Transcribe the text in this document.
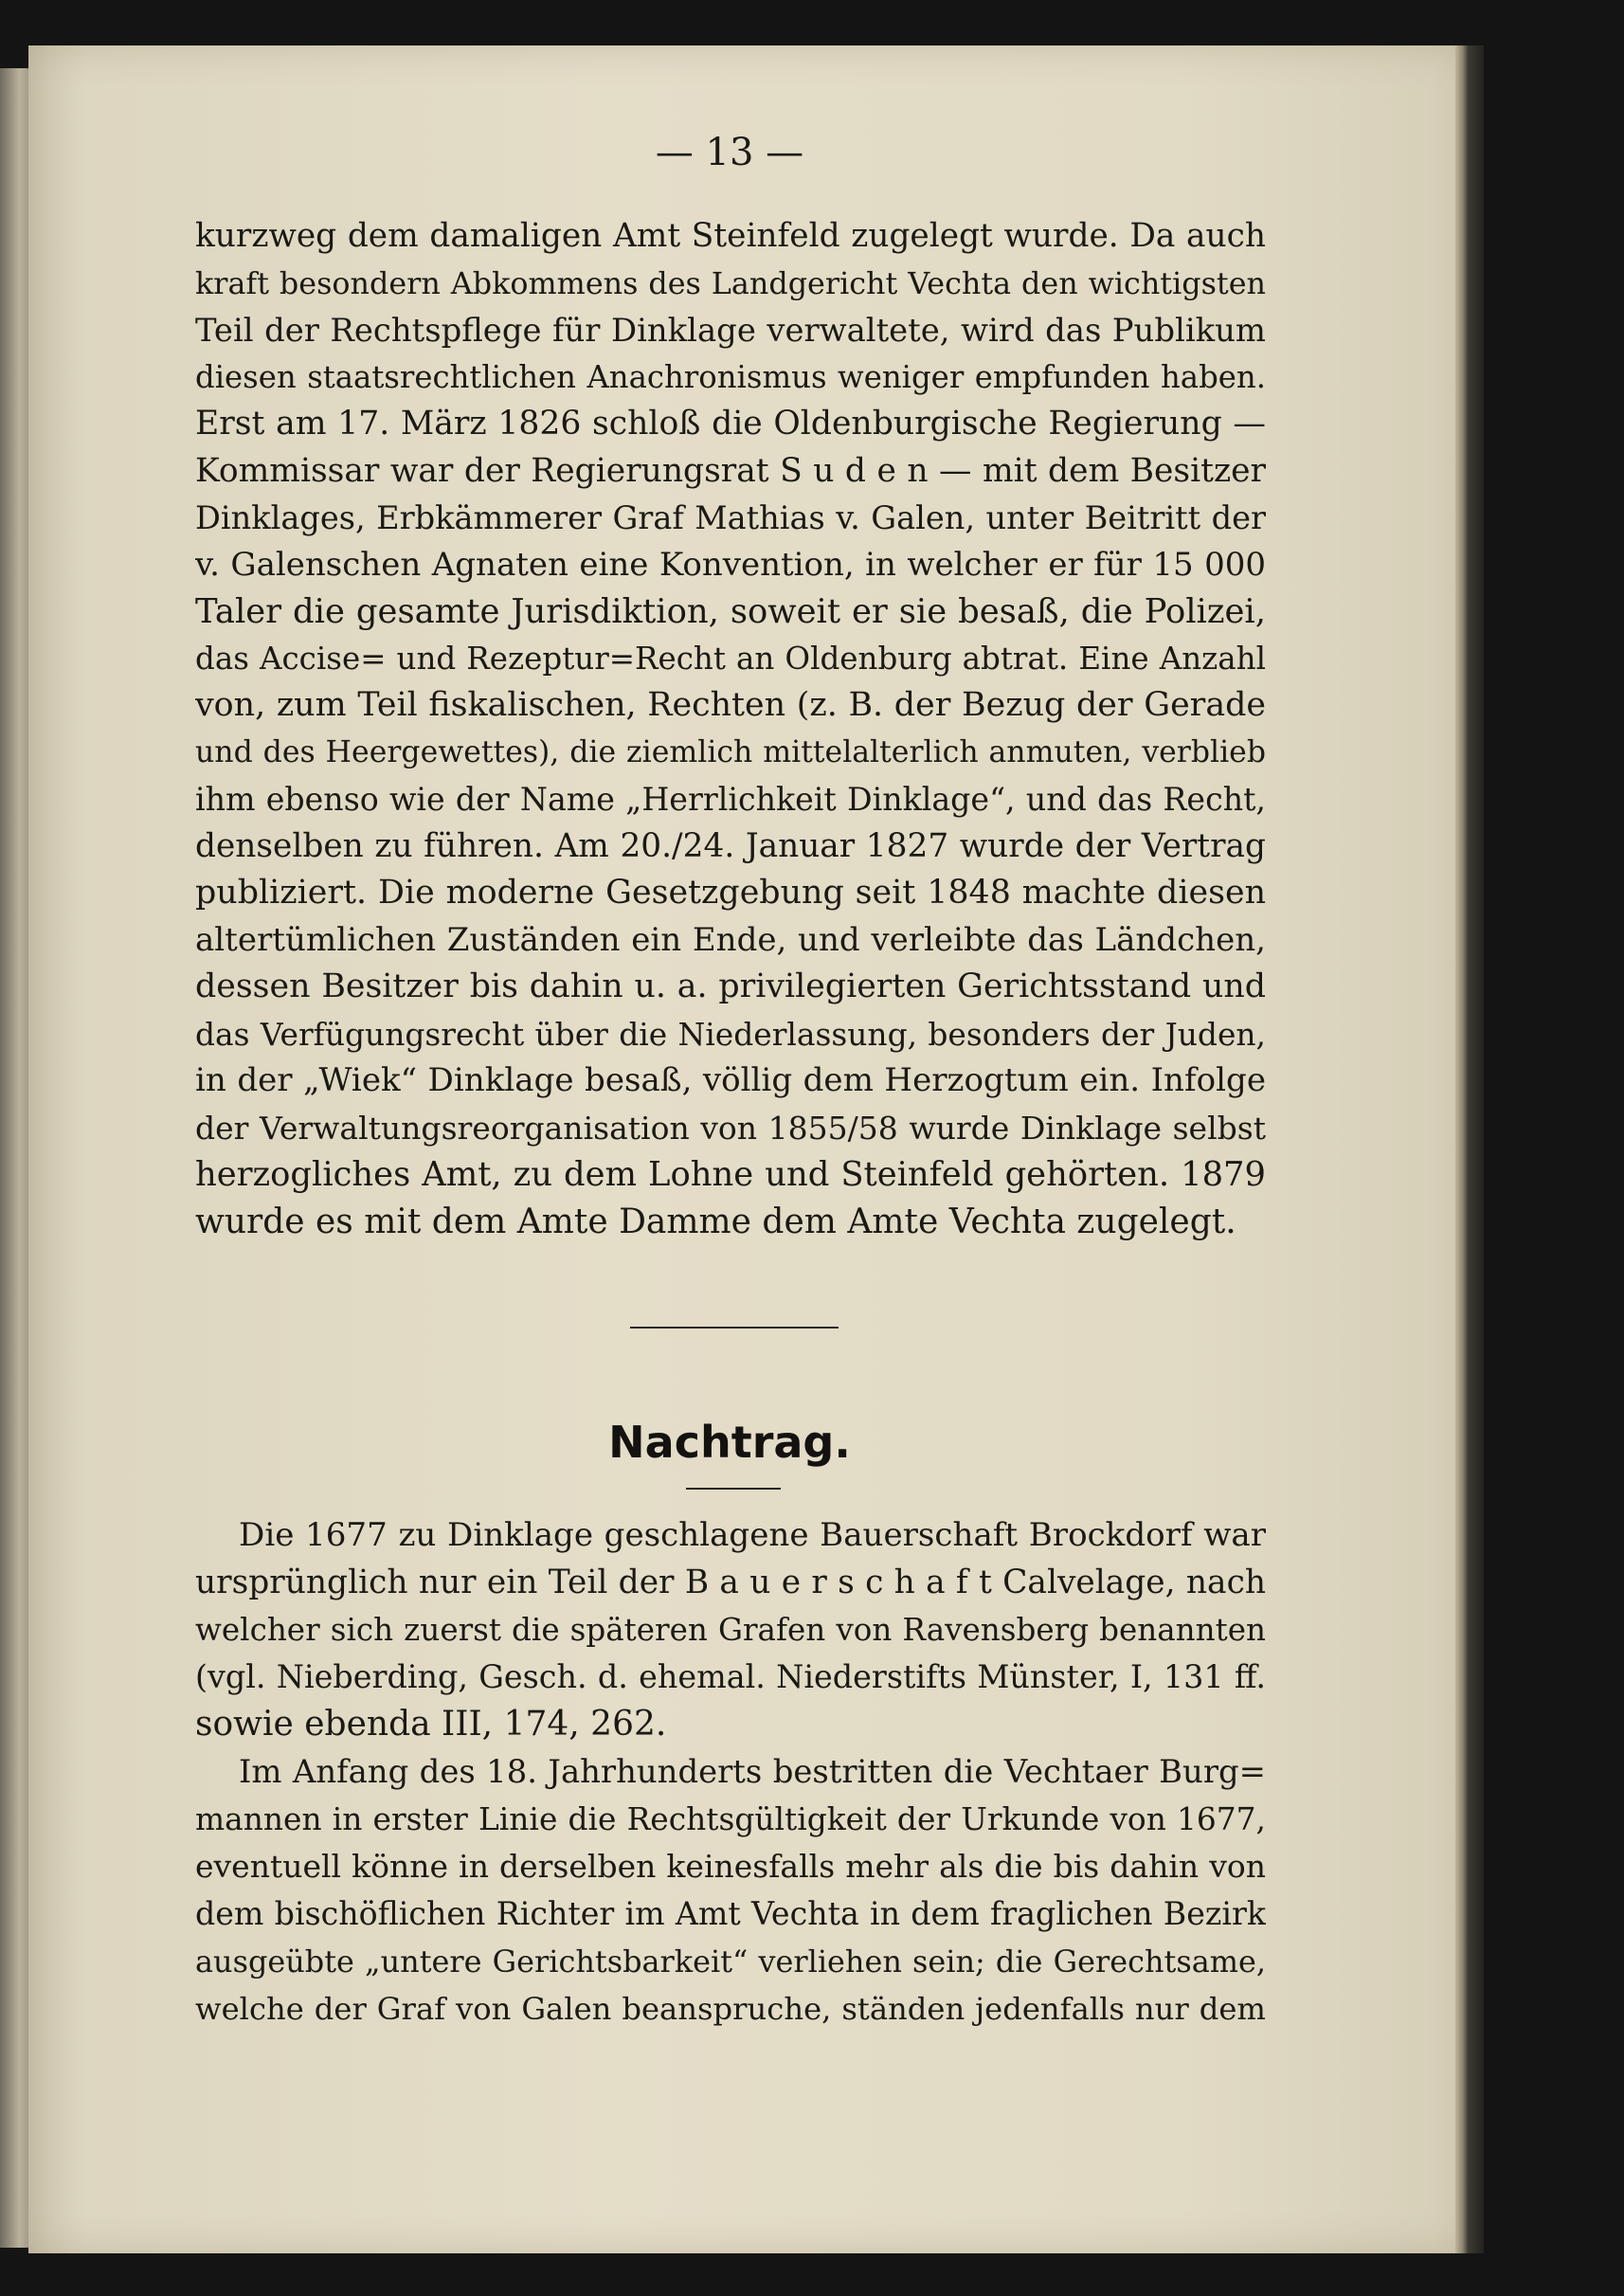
— 13 —
kurzweg dem damaligen Amt Steinfeld zugelegt wurde. Da auch
kraft besondern Abkommens des Landgericht Vechta den wichtigsten
Teil der Rechtspflege für Dinklage verwaltete, wird das Publikum
diesen staatsrechtlichen Anachronismus weniger empfunden haben.
Erst am 17. März 1826 schloß die Oldenburgische Regierung —
Kommissar war der Regierungsrat S u d e n — mit dem Besitzer
Dinklages, Erbkämmerer Graf Mathias v. Galen, unter Beitritt der
v. Galenschen Agnaten eine Konvention, in welcher er für 15 000
Taler die gesamte Jurisdiktion, soweit er sie besaß, die Polizei,
das Accise= und Rezeptur=Recht an Oldenburg abtrat. Eine Anzahl
von, zum Teil fiskalischen, Rechten (z. B. der Bezug der Gerade
und des Heergewettes), die ziemlich mittelalterlich anmuten, verblieb
ihm ebenso wie der Name „Herrlichkeit Dinklage“, und das Recht,
denselben zu führen. Am 20./24. Januar 1827 wurde der Vertrag
publiziert. Die moderne Gesetzgebung seit 1848 machte diesen
altertümlichen Zuständen ein Ende, und verleibte das Ländchen,
dessen Besitzer bis dahin u. a. privilegierten Gerichtsstand und
das Verfügungsrecht über die Niederlassung, besonders der Juden,
in der „Wiek“ Dinklage besaß, völlig dem Herzogtum ein. Infolge
der Verwaltungsreorganisation von 1855/58 wurde Dinklage selbst
herzogliches Amt, zu dem Lohne und Steinfeld gehörten. 1879
wurde es mit dem Amte Damme dem Amte Vechta zugelegt.
Nachtrag.
Die 1677 zu Dinklage geschlagene Bauerschaft Brockdorf war
ursprünglich nur ein Teil der B a u e r s c h a f t Calvelage, nach
welcher sich zuerst die späteren Grafen von Ravensberg benannten
(vgl. Nieberding, Gesch. d. ehemal. Niederstifts Münster, I, 131 ff.
sowie ebenda III, 174, 262.
Im Anfang des 18. Jahrhunderts bestritten die Vechtaer Burg=
mannen in erster Linie die Rechtsgültigkeit der Urkunde von 1677,
eventuell könne in derselben keinesfalls mehr als die bis dahin von
dem bischöflichen Richter im Amt Vechta in dem fraglichen Bezirk
ausgeübte „untere Gerichtsbarkeit“ verliehen sein; die Gerechtsame,
welche der Graf von Galen beanspruche, ständen jedenfalls nur dem
